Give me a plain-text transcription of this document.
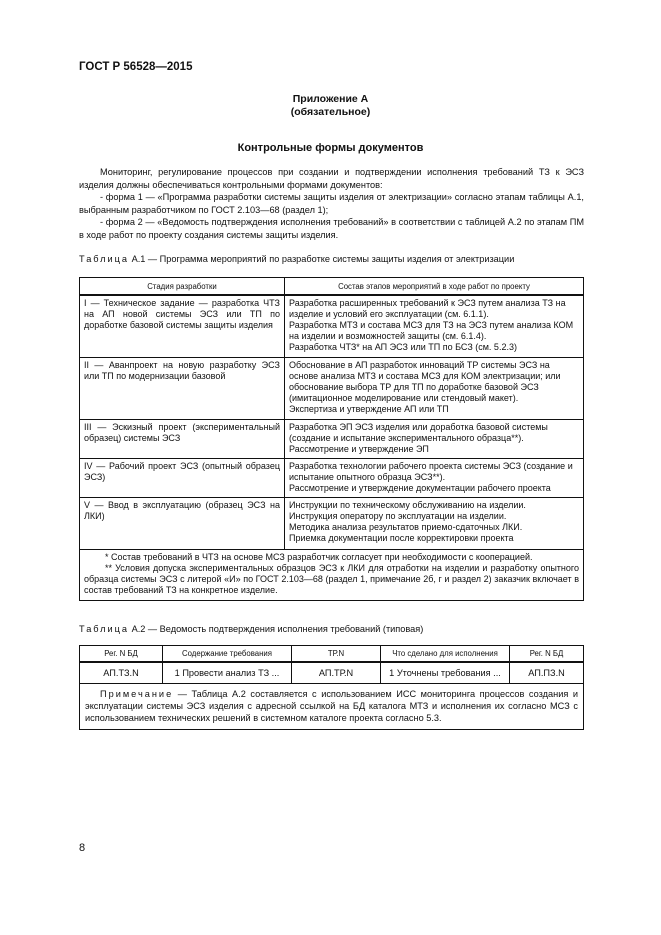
ГОСТ Р 56528—2015
Приложение А
(обязательное)
Контрольные формы документов

Мониторинг, регулирование процессов при создании и подтверждении исполнения требований ТЗ к ЭСЗ изделия должны обеспечиваться контрольными формами документов:

- форма 1 — «Программа разработки системы защиты изделия от электризации» согласно этапам таблицы А.1, выбранным разработчиком по ГОСТ 2.103—68 (раздел 1);

- форма 2 — «Ведомость подтверждения исполнения требований» в соответствии с таблицей А.2 по этапам ПМ в ходе работ по проекту создания системы защиты изделия.

Таблица А.1 — Программа мероприятий по разработке системы защиты изделия от электризации
Стадия разработки	Состав этапов мероприятий в ходе работ по проекту
I — Техническое задание — разработка ЧТЗ на АП новой системы ЭСЗ или ТП по доработке базовой системы защиты изделия	Разработка расширенных требований к ЭСЗ путем анализа ТЗ на изделие и условий его эксплуатации (см. 6.1.1).
Разработка МТЗ и состава МСЗ для ТЗ на ЭСЗ путем анализа КОМ на изделии и возможностей защиты (см. 6.1.4).
Разработка ЧТЗ* на АП ЭСЗ или ТП по БСЗ (см. 5.2.3)

II — Аванпроект на новую разработку ЭСЗ или ТП по модернизации базовой	Обоснование в АП разработок инноваций ТР системы ЭСЗ на основе анализа МТЗ и состава МСЗ для КОМ электризации; или обоснование выбора ТР для ТП по доработке базовой ЭСЗ (имитационное моделирование или стендовый макет).
Экспертиза и утверждение АП или ТП

III — Эскизный проект (экспериментальный образец) системы ЭСЗ	Разработка ЭП ЭСЗ изделия или доработка базовой системы (создание и испытание экспериментального образца**).
Рассмотрение и утверждение ЭП

IV — Рабочий проект ЭСЗ (опытный образец ЭСЗ)	Разработка технологии рабочего проекта системы ЭСЗ (создание и испытание опытного образца ЭСЗ**).
Рассмотрение и утверждение документации рабочего проекта

V — Ввод в эксплуатацию (образец ЭСЗ на ЛКИ)	Инструкции по техническому обслуживанию на изделии.
Инструкция оператору по эксплуатации на изделии.
Методика анализа результатов приемо-сдаточных ЛКИ.
Приемка документации после корректировки проекта

* Состав требований в ЧТЗ на основе МСЗ разработчик согласует при необходимости с кооперацией.

** Условия допуска экспериментальных образцов ЭСЗ к ЛКИ для отработки на изделии и разработку опытного образца системы ЭСЗ с литерой «И» по ГОСТ 2.103—68 (раздел 1, примечание 2б, г и раздел 2) заказчик включает в состав требований ТЗ на конкретное изделие.	

Таблица А.2 — Ведомость подтверждения исполнения требований (типовая)
Рег. N БД	Содержание требования	ТР.N	Что сделано для исполнения	Рег. N БД
АП.ТЗ.N	1 Провести анализ ТЗ ...	АП.ТР.N	1 Уточнены требования ...	АП.ПЗ.N
Примечание — Таблица А.2 составляется с использованием ИСС мониторинга процессов создания и эксплуатации системы ЭСЗ изделия с адресной ссылкой на БД каталога МТЗ и исполнения их согласно МСЗ с использованием технических решений в системном каталоге проекта согласно 5.3.				
8
